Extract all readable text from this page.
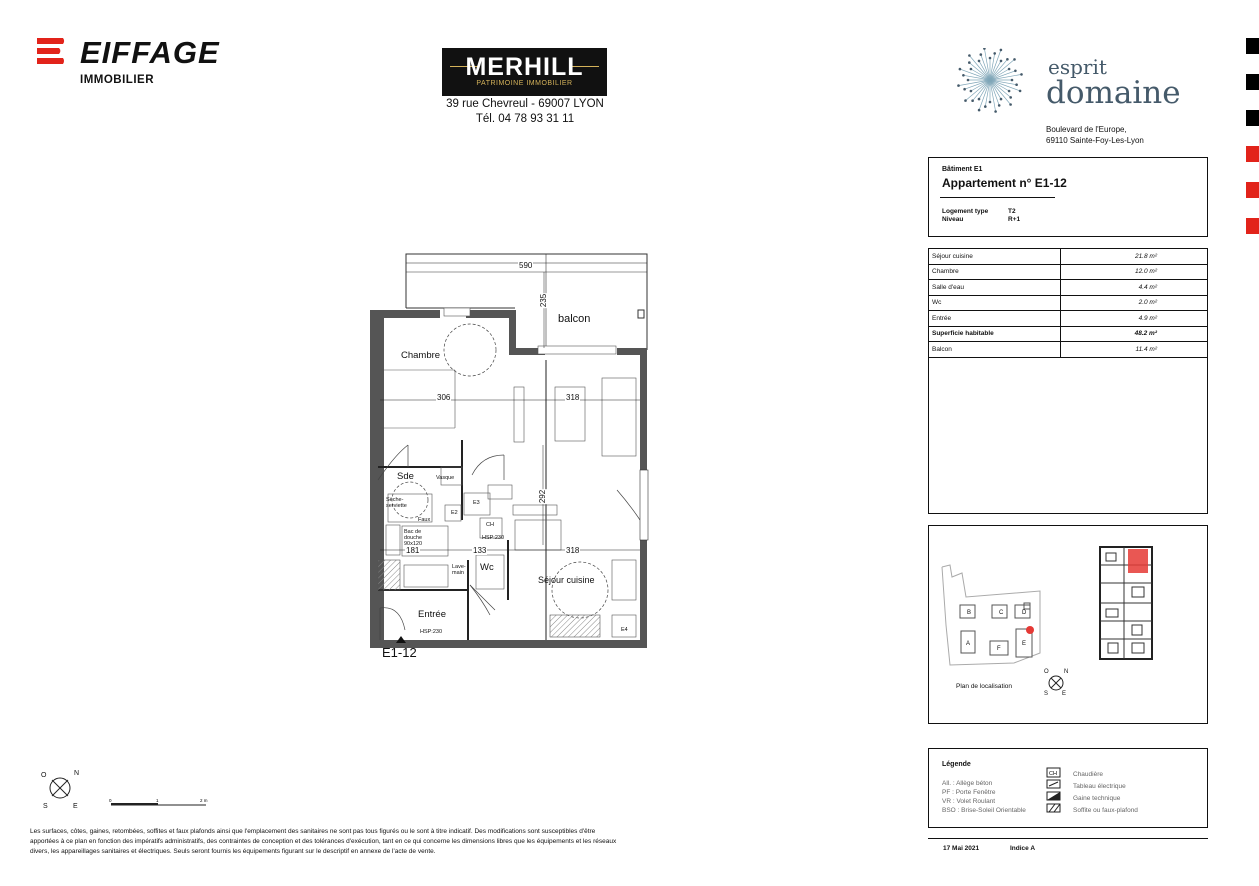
EIFFAGE
IMMOBILIER	MERHILL
PATRIMOINE IMMOBILIER
39 rue Chevreul - 69007 LYON
Tél. 04 78 93 31 11
esprit
domaine
Boulevard de l'Europe,
69110 Sainte-Foy-Les-Lyon
Bâtiment E1
Appartement n° E1-12
Logement type	T2
Niveau	R+1
Séjour cuisine	21.8 m²
Chambre	12.0 m²
Salle d'eau	4.4 m²
Wc	2.0 m²
Entrée	4.9 m²
Superficie habitable	48.2 m²
Balcon	11.4 m²
B	C	D
A
F
E
O	N
S E
Plan de localisation
Légende
All. : Allège béton
PF : Porte Fenêtre
VR : Volet Roulant
BSO : Brise-Soleil Orientable
CH Chaudière
Tableau électrique
Gaine technique
Soffite ou faux-plafond
17 Mai 2021	Indice A
balcon
Chambre
Sde
Wc
Entrée
Séjour cuisine
E1-12
590
235
306	318
292
181	133	318
Vasque
Sèche-serviette
Bac de douche 90x120
HSP:230
HSP:230
Lave-main
E2
E3
E4
CH
Faux
O	N
S	E
0	1	2 m
Les surfaces, côtes, gaines, retombées, soffites et faux plafonds ainsi que l'emplacement des sanitaires ne sont pas tous figurés ou le sont à titre indicatif. Des modifications sont susceptibles d'être apportées à ce plan en fonction des impératifs administratifs, des contraintes de conception et des tolérances d'exécution, tant en ce qui concerne les dimensions libres que les équipements et les réseaux divers, les appareillages sanitaires et électriques. Seuls seront fournis les équipements figurant sur le descriptif en annexe de l'acte de vente.
